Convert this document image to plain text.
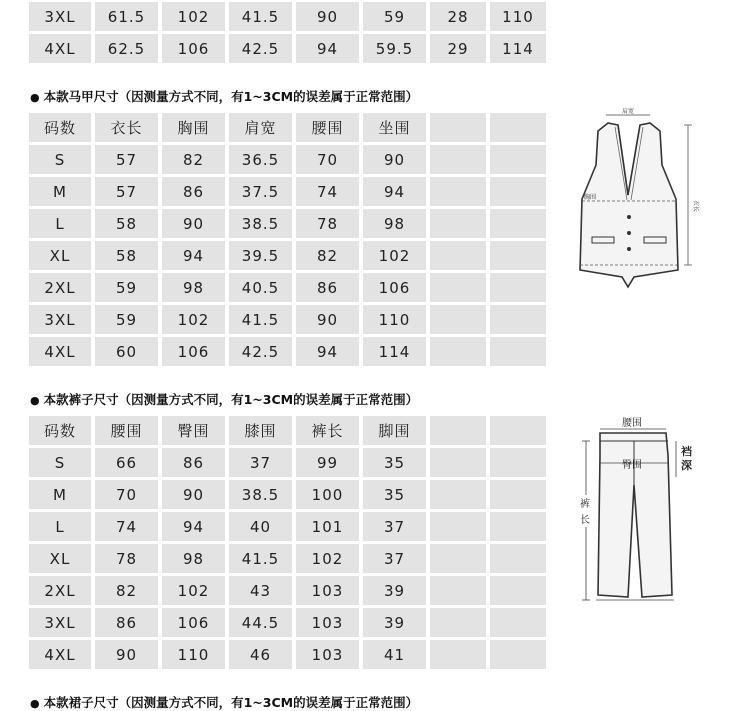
3XL	61.5	102	41.5	90	59	28	110
4XL	62.5	106	42.5	94	59.5	29	114
● 本款马甲尺寸（因测量方式不同，有1~3CM的误差属于正常范围）
码数	衣长	胸围	肩宽	腰围	坐围		
S	57	82	36.5	70	90		
M	57	86	37.5	74	94		
L	58	90	38.5	78	98		
XL	58	94	39.5	82	102		
2XL	59	98	40.5	86	106		
3XL	59	102	41.5	90	110		
4XL	60	106	42.5	94	114		
肩宽
胸围
衣长
● 本款裤子尺寸（因测量方式不同，有1~3CM的误差属于正常范围）
码数	腰围	臀围	膝围	裤长	脚围		
S	66	86	37	99	35		
M	70	90	38.5	100	35		
L	74	94	40	101	37		
XL	78	98	41.5	102	37		
2XL	82	102	43	103	39		
3XL	86	106	44.5	103	39		
4XL	90	110	46	103	41		
腰围
臀围
裆
深
裤
长
● 本款裙子尺寸（因测量方式不同，有1~3CM的误差属于正常范围）
